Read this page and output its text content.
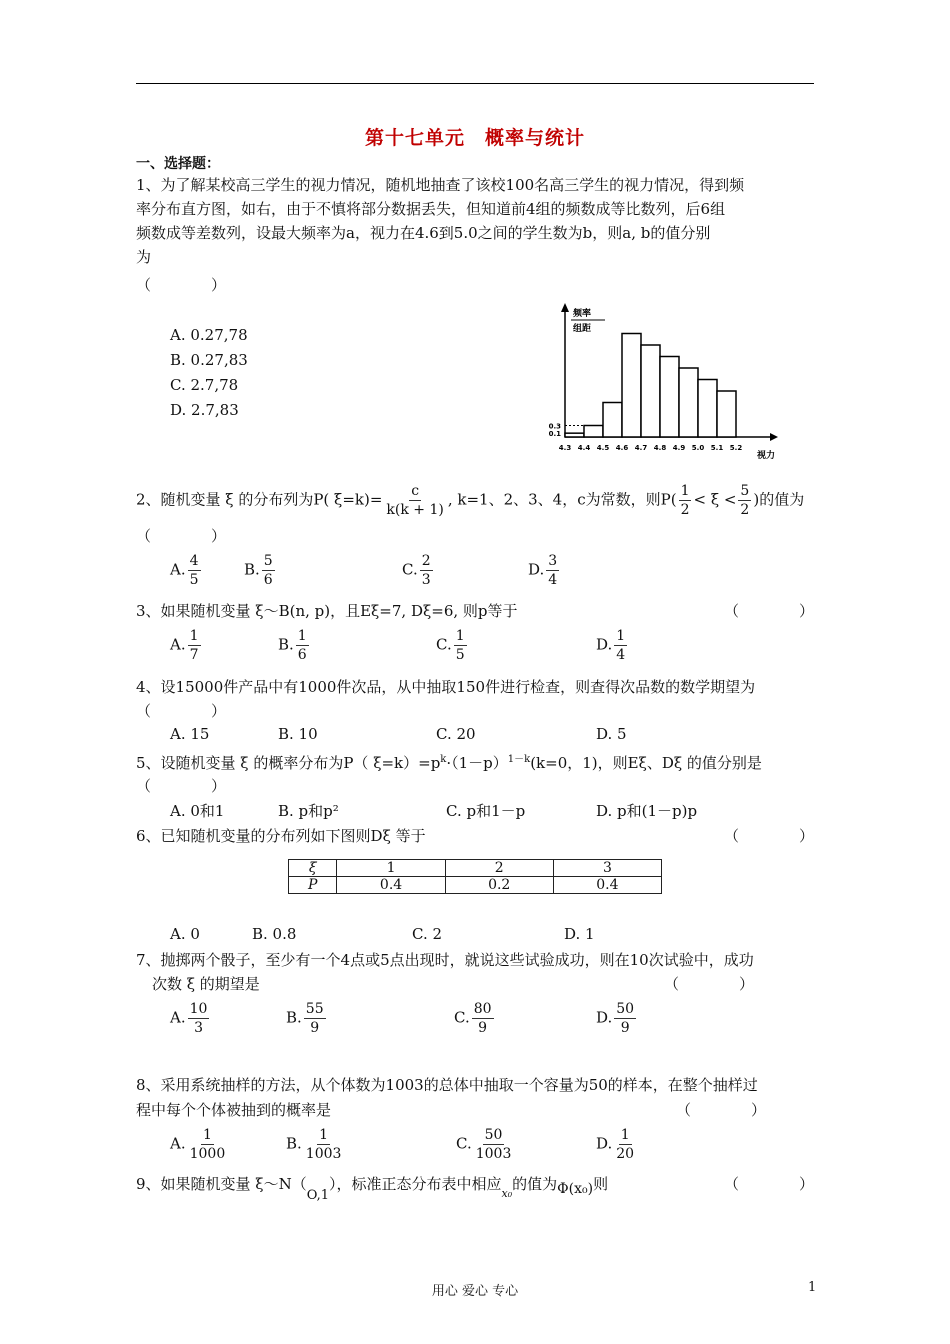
第十七单元　概率与统计
一、选择题：
1、为了解某校高三学生的视力情况，随机地抽查了该校100名高三学生的视力情况，得到频
率分布直方图，如右，由于不慎将部分数据丢失，但知道前4组的频数成等比数列，后6组
频数成等差数列，设最大频率为a，视力在4.6到5.0之间的学生数为b，则a, b的值分别
为
（　　　　）
A. 0.27,78
B. 0.27,83
C. 2.7,78
D. 2.7,83
4.3 4.4 4.5 4.6 4.7 4.8 4.9 5.0 5.1 5.2
0.1
0.3
频率
组距
视力
2、随机变量 ξ 的分布列为P( $\xi=k)= \frac{c}{k(k + 1)}$ , k=1、2、3、4，c为常数，则$P( \frac{1}{2} < \xi < \frac{5}{2}$ )的值为
（　　　　）
A. $\frac{4}{5}$	B. $\frac{5}{6}$	C. $\frac{2}{3}$	D. $\frac{3}{4}$
3、如果随机变量 ξ～B(n, p)，且Eξ=7, Dξ=6, 则p等于	（　　　　）
A. $\frac{1}{7}$	B. $\frac{1}{6}$	C. $\frac{1}{5}$	D. $\frac{1}{4}$
4、设15000件产品中有1000件次品，从中抽取150件进行检查，则查得次品数的数学期望为
（　　　　）
A. 15	B. 10	C. 20	D. 5
5、设随机变量 ξ 的概率分布为P（ $\xi=k)=p^k\cdot(1-p)^{1-k}(k=0$，1)，则Eξ、Dξ 的值分别是
（　　　　）
A. 0和1	B. p和p²	C. p和1－p	D. p和(1－p)p
6、已知随机变量的分布列如下图则Dξ 等于	（　　　　）
ξ	1	2	3
P	0.4	0.2	0.4
A. 0	B. 0.8	C. 2	D. 1
7、抛掷两个骰子，至少有一个4点或5点出现时，就说这些试验成功，则在10次试验中，成功
次数 ξ 的期望是	（　　　　）
A. $\frac{10}{3}$	B. $\frac{55}{9}$	C. $\frac{80}{9}$	D. $\frac{50}{9}$
8、采用系统抽样的方法，从个体数为1003的总体中抽取一个容量为50的样本，在整个抽样过
程中每个个体被抽到的概率是	（　　　　）
A. $\frac{1}{1000}$	B. $\frac{1}{1003}$	C. $\frac{50}{1003}$	D. $\frac{1}{20}$
9、如果随机变量 ξ～N（O,1），标准正态分布表中相应x₀的值为Φ(x₀)则	（　　　　）
用心 爱心 专心	1
